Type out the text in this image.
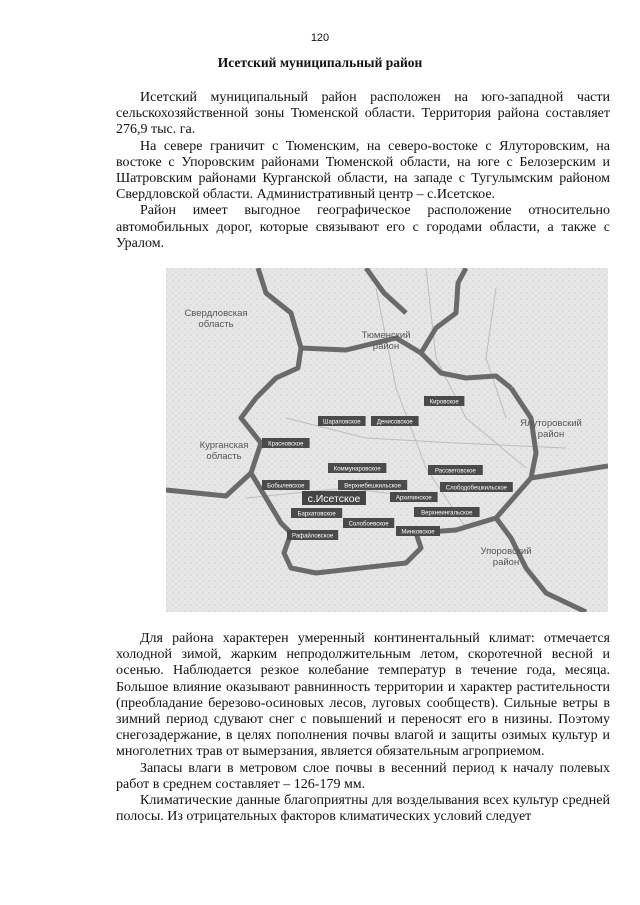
120
Исетский муниципальный район

Исетский муниципальный район расположен на юго-западной части сельскохозяйственной зоны Тюменской области. Территория района составляет 276,9 тыс. га.

На севере граничит с Тюменским, на северо-востоке с Ялуторовским, на востоке с Упоровским районами Тюменской области, на юге с Белозерским и Шатровским районами Курганской области, на западе с Тугулымским районом Свердловской области. Административный центр – с.Исетское.

Район имеет выгодное географическое расположение относительно автомобильных дорог, которые связывают его с городами области, а также с Уралом.

Свердловская область
Тюменский район
Курганская область
Ялуторовский район
Упоровский район
Красновское
Шараповское	Денисовское
Кировское
Бобылевское
Коммунаровское	Рассветовское
Слободобешкильское
Архипинское
Верхнебешкильское
Бархатовское
Солобоевское
Верхнеингальское
Минковское
Рафайловское
с.Исетское

Для района характерен умеренный континентальный климат: отмечается холодной зимой, жарким непродолжительным летом, скоротечной весной и осенью. Наблюдается резкое колебание температур в течение года, месяца. Большое влияние оказывают равнинность территории и характер растительности (преобладание березово-осиновых лесов, луговых сообществ). Сильные ветры в зимний период сдувают снег с повышений и переносят его в низины. Поэтому снегозадержание, в целях пополнения почвы влагой и защиты озимых культур и многолетних трав от вымерзания, является обязательным агроприемом.

Запасы влаги в метровом слое почвы в весенний период к началу полевых работ в среднем составляет – 126-179 мм.

Климатические данные благоприятны для возделывания всех культур средней полосы. Из отрицательных факторов климатических условий следует
